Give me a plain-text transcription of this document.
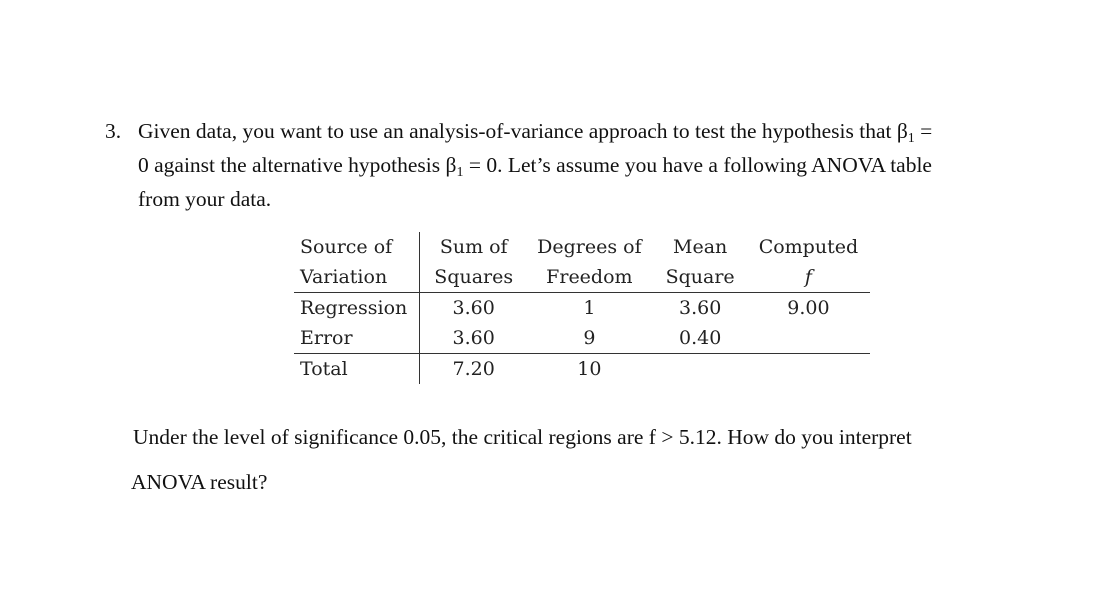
3. Given data, you want to use an analysis-of-variance approach to test the hypothesis that $\beta_1$ =
0 against the alternative hypothesis $\beta_1 = 0$. Let’s assume you have a following ANOVA table
from your data.
Source of	Sum of	Degrees of	Mean	Computed
Variation	Squares	Freedom	Square	f
Regression	3.60	1	3.60	9.00
Error	3.60	9	0.40	
Total	7.20	10		
Under the level of significance 0.05, the critical regions are f > 5.12. How do you interpret
ANOVA result?
